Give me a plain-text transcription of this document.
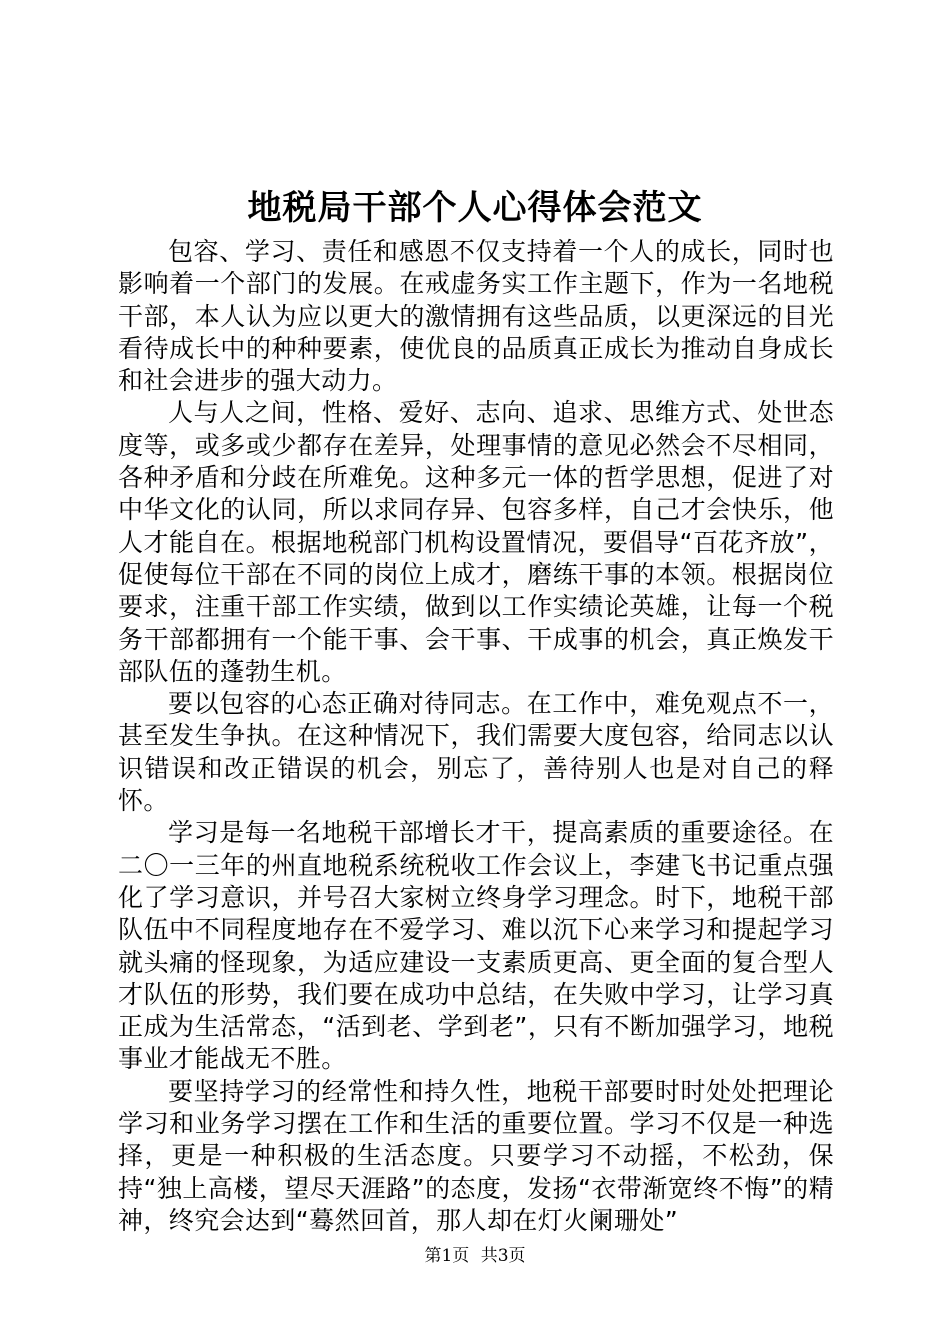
地税局干部个人心得体会范文

包容、学习、责任和感恩不仅支持着一个人的成长，同时也影响着一个部门的发展。在戒虚务实工作主题下，作为一名地税干部，本人认为应以更大的激情拥有这些品质，以更深远的目光看待成长中的种种要素，使优良的品质真正成长为推动自身成长和社会进步的强大动力。

人与人之间，性格、爱好、志向、追求、思维方式、处世态度等，或多或少都存在差异，处理事情的意见必然会不尽相同，各种矛盾和分歧在所难免。这种多元一体的哲学思想，促进了对中华文化的认同，所以求同存异、包容多样，自己才会快乐，他人才能自在。根据地税部门机构设置情况，要倡导“百花齐放”，促使每位干部在不同的岗位上成才，磨练干事的本领。根据岗位要求，注重干部工作实绩，做到以工作实绩论英雄，让每一个税务干部都拥有一个能干事、会干事、干成事的机会，真正焕发干部队伍的蓬勃生机。

要以包容的心态正确对待同志。在工作中，难免观点不一，甚至发生争执。在这种情况下，我们需要大度包容，给同志以认识错误和改正错误的机会，别忘了，善待别人也是对自己的释怀。

学习是每一名地税干部增长才干，提高素质的重要途径。在二〇一三年的州直地税系统税收工作会议上，李建飞书记重点强化了学习意识，并号召大家树立终身学习理念。时下，地税干部队伍中不同程度地存在不爱学习、难以沉下心来学习和提起学习就头痛的怪现象，为适应建设一支素质更高、更全面的复合型人才队伍的形势，我们要在成功中总结，在失败中学习，让学习真正成为生活常态，“活到老、学到老”，只有不断加强学习，地税事业才能战无不胜。

要坚持学习的经常性和持久性，地税干部要时时处处把理论学习和业务学习摆在工作和生活的重要位置。学习不仅是一种选择，更是一种积极的生活态度。只要学习不动摇，不松劲，保持“独上高楼，望尽天涯路”的态度，发扬“衣带渐宽终不悔”的精神，终究会达到“蓦然回首，那人却在灯火阑珊处”

第1页 共3页
